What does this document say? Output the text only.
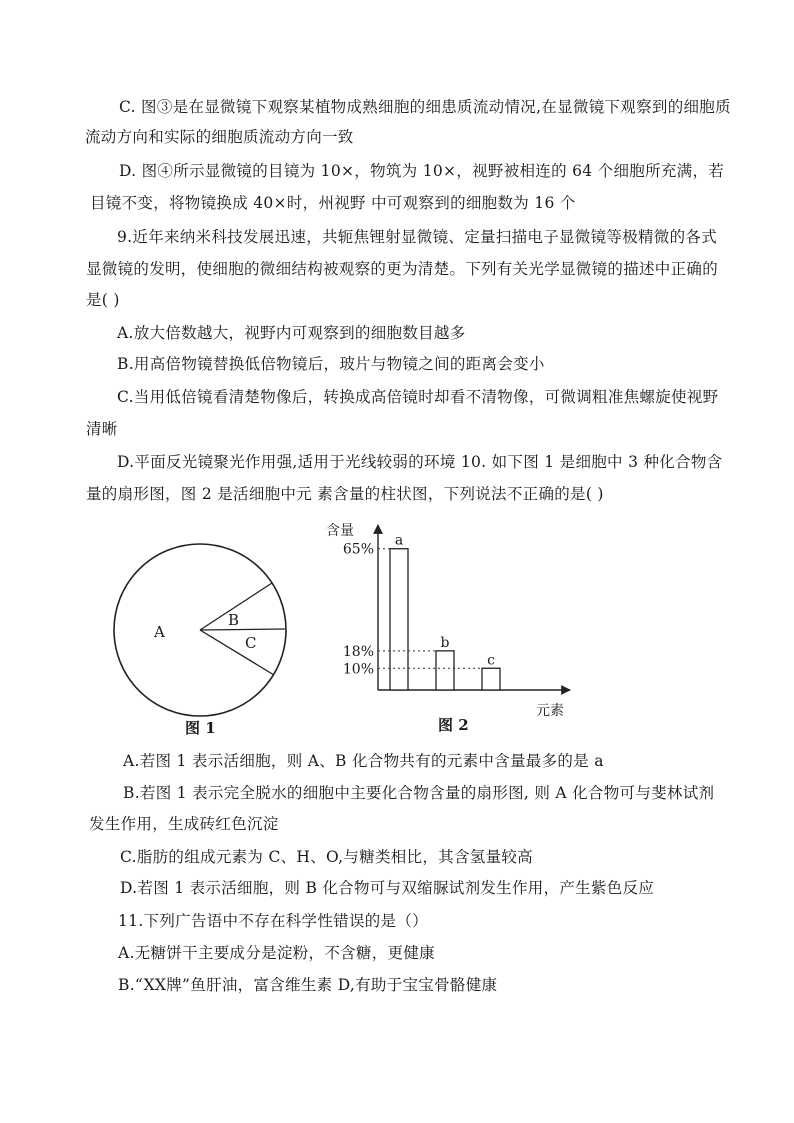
C. 图③是在显微镜下观察某植物成熟细胞的细患质流动情况,在显微镜下观察到的细胞质
流动方向和实际的细胞质流动方向一致
D. 图④所示显微镜的目镜为 10×，物筑为 10×，视野被相连的 64 个细胞所充满，若
目镜不变，将物镜换成 40×时，州视野 中可观察到的细胞数为 16 个
9.近年来纳米科技发展迅速，共轭焦锂射显微镜、定量扫描电子显微镜等极精微的各式
显微镜的发明，使细胞的微细结构被观察的更为清楚。下列有关光学显微镜的描述中正确的
是( )
A.放大倍数越大，视野内可观察到的细胞数目越多
B.用高倍物镜替换低倍物镜后，玻片与物镜之间的距离会变小
C.当用低倍镜看清楚物像后，转换成高倍镜时却看不清物像，可微调粗准焦螺旋使视野
清晰
D.平面反光镜聚光作用强,适用于光线较弱的环境 10. 如下图 1 是细胞中 3 种化合物含
量的扇形图，图 2 是活细胞中元 素含量的柱状图，下列说法不正确的是( )
A
B
C
图 1
含量
元素
图 2
65%
a
18%
b
10%
c
A.若图 1 表示活细胞，则 A、B 化合物共有的元素中含量最多的是 a
B.若图 1 表示完全脱水的细胞中主要化合物含量的扇形图, 则 A 化合物可与斐林试剂
发生作用，生成砖红色沉淀
C.脂肪的组成元素为 C、H、O,与糖类相比，其含氢量较高
D.若图 1 表示活细胞，则 B 化合物可与双缩脲试剂发生作用，产生紫色反应
11.下列广告语中不存在科学性错误的是（）
A.无糖饼干主要成分是淀粉，不含糖，更健康
B.“XX牌”鱼肝油，富含维生素 D,有助于宝宝骨骼健康
